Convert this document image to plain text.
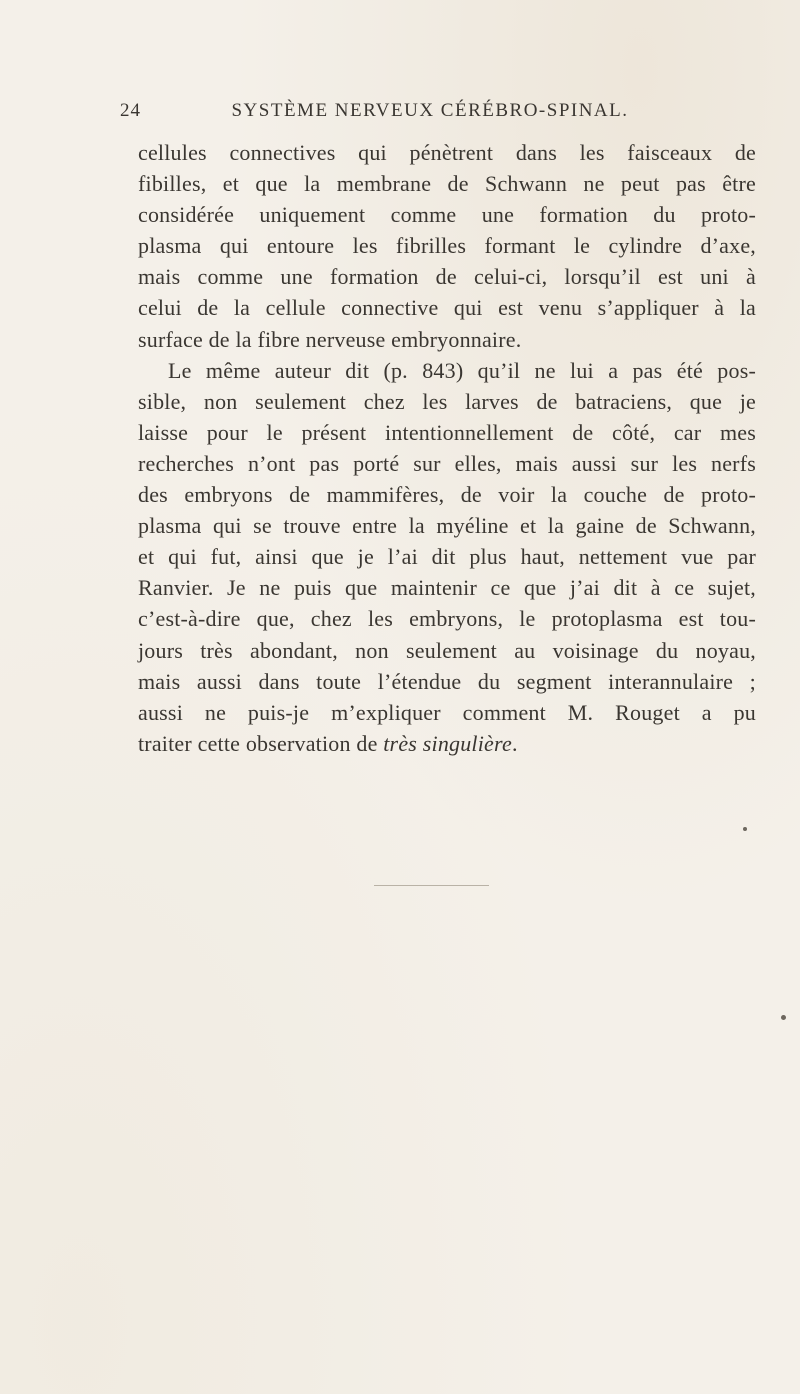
24	SYSTÈME NERVEUX CÉRÉBRO-SPINAL.
cellules connectives qui pénètrent dans les faisceaux de
fibilles, et que la membrane de Schwann ne peut pas être
considérée uniquement comme une formation du proto-
plasma qui entoure les fibrilles formant le cylindre d’axe,
mais comme une formation de celui-ci, lorsqu’il est uni à
celui de la cellule connective qui est venu s’appliquer à la
surface de la fibre nerveuse embryonnaire.
Le même auteur dit (p. 843) qu’il ne lui a pas été pos-
sible, non seulement chez les larves de batraciens, que je
laisse pour le présent intentionnellement de côté, car mes
recherches n’ont pas porté sur elles, mais aussi sur les nerfs
des embryons de mammifères, de voir la couche de proto-
plasma qui se trouve entre la myéline et la gaine de Schwann,
et qui fut, ainsi que je l’ai dit plus haut, nettement vue par
Ranvier. Je ne puis que maintenir ce que j’ai dit à ce sujet,
c’est-à-dire que, chez les embryons, le protoplasma est tou-
jours très abondant, non seulement au voisinage du noyau,
mais aussi dans toute l’étendue du segment interannulaire ;
aussi ne puis-je m’expliquer comment M. Rouget a pu
traiter cette observation de très singulière.
